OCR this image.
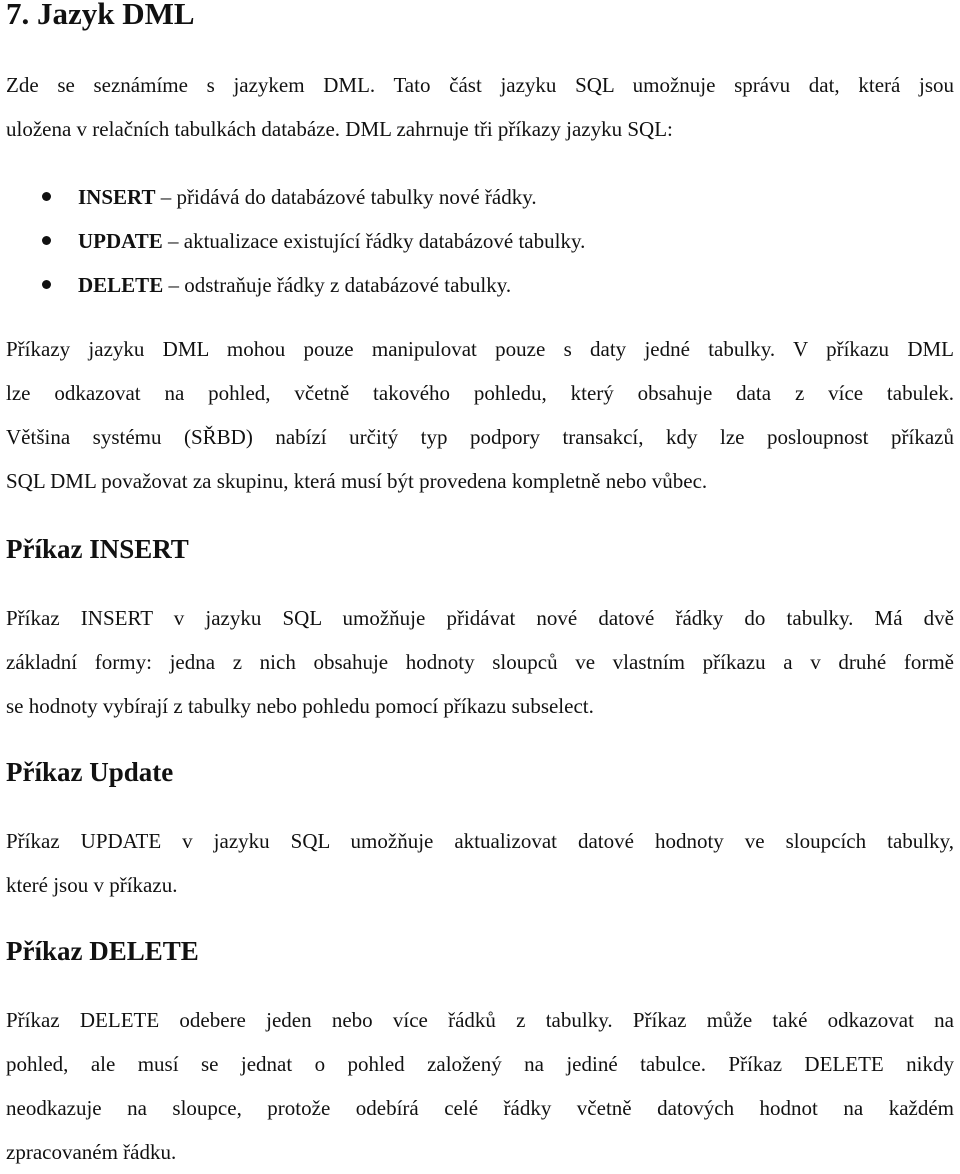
7. Jazyk DML

Zde se seznámíme s jazykem DML. Tato část jazyku SQL umožnuje správu dat, která jsou
uložena v relačních tabulkách databáze. DML zahrnuje tři příkazy jazyku SQL:

INSERT – přidává do databázové tabulky nové řádky.
UPDATE – aktualizace existující řádky databázové tabulky.
DELETE – odstraňuje řádky z databázové tabulky.

Příkazy jazyku DML mohou pouze manipulovat pouze s daty jedné tabulky. V příkazu DML
lze odkazovat na pohled, včetně takového pohledu, který obsahuje data z více tabulek.
Většina systému (SŘBD) nabízí určitý typ podpory transakcí, kdy lze posloupnost příkazů
SQL DML považovat za skupinu, která musí být provedena kompletně nebo vůbec.

Příkaz INSERT

Příkaz INSERT v jazyku SQL umožňuje přidávat nové datové řádky do tabulky. Má dvě
základní formy: jedna z nich obsahuje hodnoty sloupců ve vlastním příkazu a v druhé formě
se hodnoty vybírají z tabulky nebo pohledu pomocí příkazu subselect.

Příkaz Update

Příkaz UPDATE v jazyku SQL umožňuje aktualizovat datové hodnoty ve sloupcích tabulky,
které jsou v příkazu.

Příkaz DELETE

Příkaz DELETE odebere jeden nebo více řádků z tabulky. Příkaz může také odkazovat na
pohled, ale musí se jednat o pohled založený na jediné tabulce. Příkaz DELETE nikdy
neodkazuje na sloupce, protože odebírá celé řádky včetně datových hodnot na každém
zpracovaném řádku.
